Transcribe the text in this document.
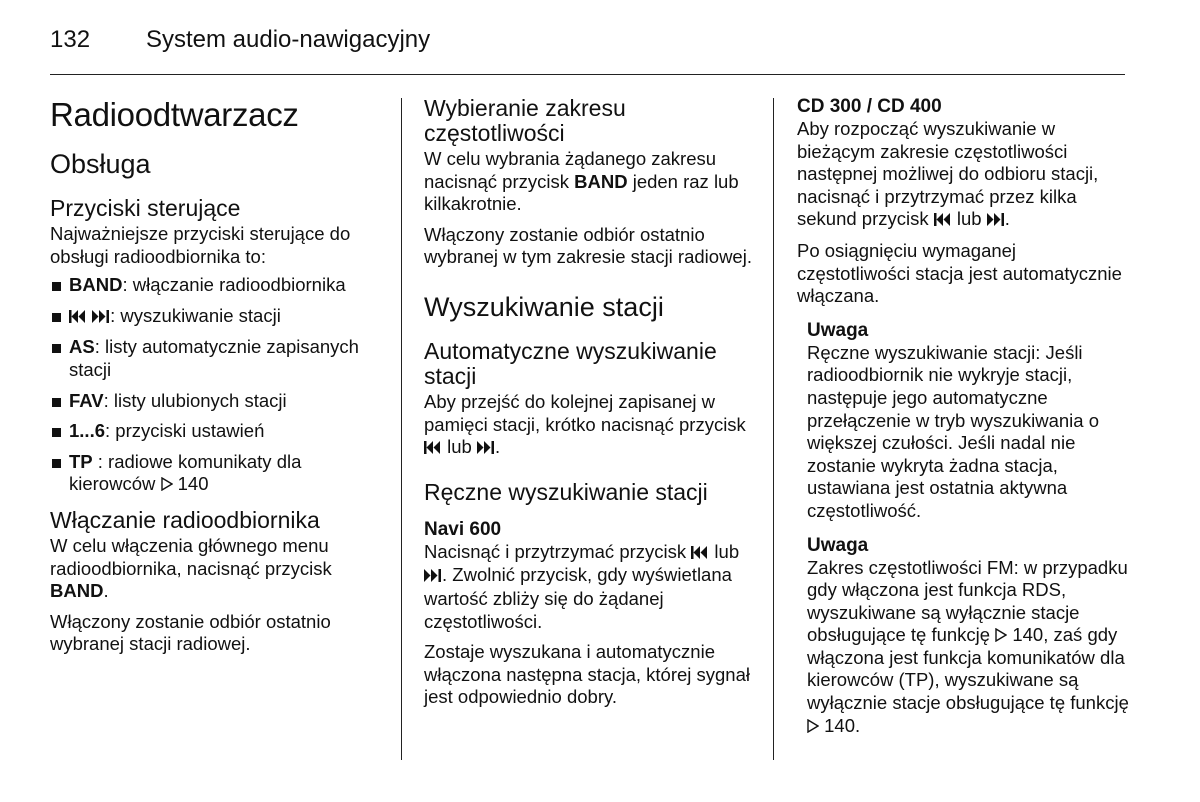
132 System audio-nawigacyjny
Radioodtwarzacz
Obsługa
Przyciski sterujące

Najważniejsze przyciski sterujące do obsługi radioodbiornika to:

BAND: włączanie radioodbiornika
: wyszukiwanie stacji
AS: listy automatycznie zapisanych stacji
FAV: listy ulubionych stacji
1...6: przyciski ustawień
TP : radiowe komunikaty dla kierowców 140
Włączanie radioodbiornika

W celu włączenia głównego menu radioodbiornika, nacisnąć przycisk BAND.

Włączony zostanie odbiór ostatnio wybranej stacji radiowej.

Wybieranie zakresu częstotliwości

W celu wybrania żądanego zakresu nacisnąć przycisk BAND jeden raz lub kilkakrotnie.

Włączony zostanie odbiór ostatnio wybranej w tym zakresie stacji radiowej.

Wyszukiwanie stacji
Automatyczne wyszukiwanie stacji

Aby przejść do kolejnej zapisanej w pamięci stacji, krótko nacisnąć przycisk  lub .

Ręczne wyszukiwanie stacji
Navi 600

Nacisnąć i przytrzymać przycisk lub . Zwolnić przycisk, gdy wyświetlana wartość zbliży się do żądanej częstotliwości.

Zostaje wyszukana i automatycznie włączona następna stacja, której sygnał jest odpowiednio dobry.

CD 300 / CD 400

Aby rozpocząć wyszukiwanie w bieżącym zakresie częstotliwości następnej możliwej do odbioru stacji, nacisnąć i przytrzymać przez kilka sekund przycisk lub .

Po osiągnięciu wymaganej częstotliwości stacja jest automatycznie włączana.

Uwaga

Ręczne wyszukiwanie stacji: Jeśli radioodbiornik nie wykryje stacji, następuje jego automatyczne przełączenie w tryb wyszukiwania o większej czułości. Jeśli nadal nie zostanie wykryta żadna stacja, ustawiana jest ostatnia aktywna częstotliwość.

Uwaga

Zakres częstotliwości FM: w przypadku gdy włączona jest funkcja RDS, wyszukiwane są wyłącznie stacje obsługujące tę funkcję 140, zaś gdy włączona jest funkcja komunikatów dla kierowców (TP), wyszukiwane są wyłącznie stacje obsługujące tę funkcję  140.
